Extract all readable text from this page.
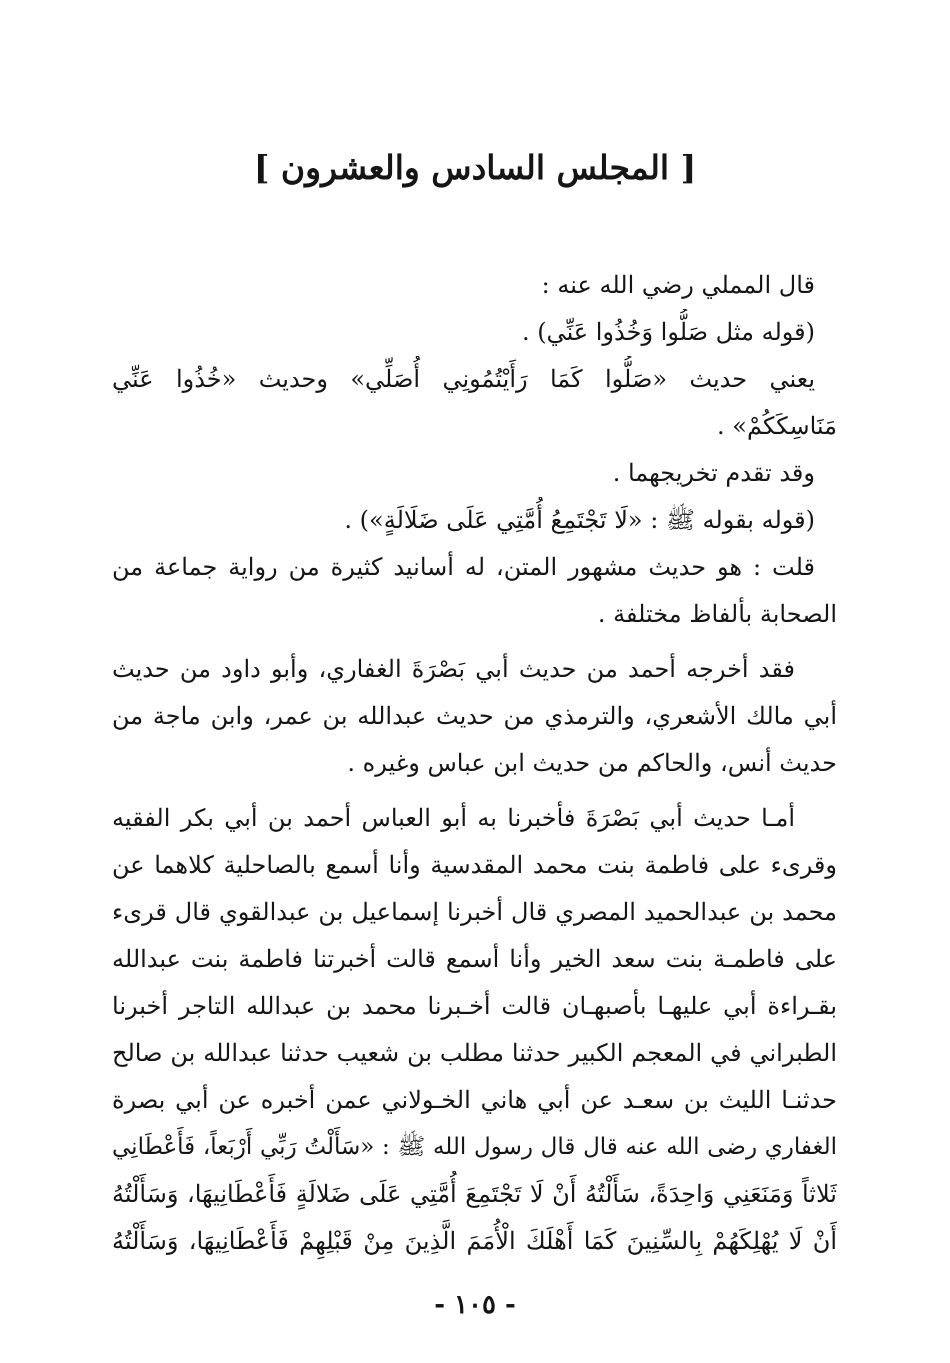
[ المجلس السادس والعشرون ]
قال المملي رضي الله عنه :
(قوله مثل صَلُّوا وَخُذُوا عَنِّي) .
يعني حديث «صَلُّوا كَمَا رَأَيْتُمُونِي أُصَلِّي» وحديث «خُذُوا عَنِّي
مَنَاسِكَكُمْ» .
وقد تقدم تخريجهما .
(قوله بقوله ﷺ : «لَا تَجْتَمِعُ أُمَّتِي عَلَى ضَلَالَةٍ») .
قلت : هو حديث مشهور المتن، له أسانيد كثيرة من رواية جماعة من
الصحابة بألفاظ مختلفة .
فقد أخرجه أحمد من حديث أبي بَصْرَةَ الغفاري، وأبو داود من حديث
أبي مالك الأشعري، والترمذي من حديث عبدالله بن عمر، وابن ماجة من
حديث أنس، والحاكم من حديث ابن عباس وغيره .
أمـا حديث أبي بَصْرَةَ فأخبرنا به أبو العباس أحمد بن أبي بكر الفقيه
وقرىء على فاطمة بنت محمد المقدسية وأنا أسمع بالصاحلية كلاهما عن
محمد بن عبدالحميد المصري قال أخبرنا إسماعيل بن عبدالقوي قال قرىء
على فاطمـة بنت سعد الخير وأنا أسمع قالت أخبرتنا فاطمة بنت عبدالله
بقـراءة أبي عليهـا بأصبهـان قالت أخـبرنا محمد بن عبدالله التاجر أخبرنا
الطبراني في المعجم الكبير حدثنا مطلب بن شعيب حدثنا عبدالله بن صالح
حدثنـا الليث بن سعـد عن أبي هاني الخـولاني عمن أخبره عن أبي بصرة
الغفاري رضى الله عنه قال قال رسول الله ﷺ : «سَأَلْتُ رَبِّي أَرْبَعاً، فَأَعْطَانِي
ثَلاثاً وَمَنَعَنِي وَاحِدَةً، سَأَلْتُهُ أَنْ لَا تَجْتَمِعَ أُمَّتِي عَلَى ضَلالَةٍ فَأَعْطَانِيهَا، وَسَأَلْتُهُ
أَنْ لَا يُهْلِكَهُمْ بِالسِّنِينَ كَمَا أَهْلَكَ الْأُمَمَ الَّذِينَ مِنْ قَبْلِهِمْ فَأَعْطَانِيهَا، وَسَأَلْتُهُ
- ١٠٥ -
